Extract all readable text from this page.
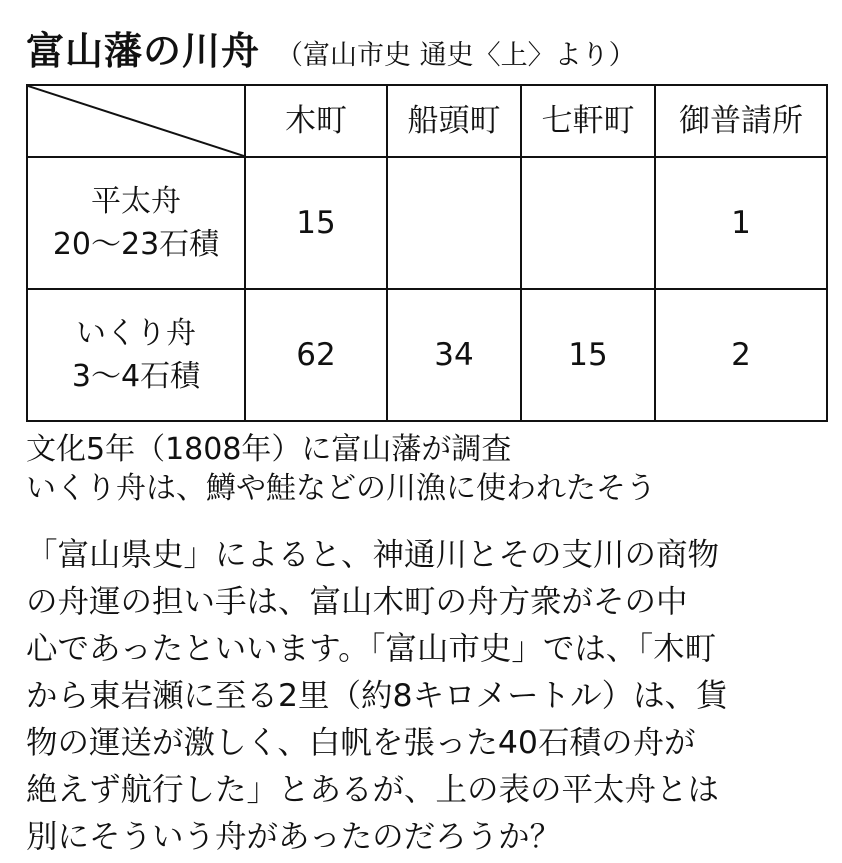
富山藩の川舟 （富山市史 通史〈上〉より）
	木町	船頭町	七軒町	御普請所

平太舟
20～23石積	15			1

いくり舟
3～4石積	62	34	15	2
文化5年（1808年）に富山藩が調査
いくり舟は、鱒や鮭などの川漁に使われたそう
「富山県史」によると、神通川とその支川の商物
の舟運の担い手は、富山木町の舟方衆がその中
心であったといいます。「富山市史」では、「木町
から東岩瀬に至る2里（約8キロメートル）は、貨
物の運送が激しく、白帆を張った40石積の舟が
絶えず航行した」とあるが、上の表の平太舟とは
別にそういう舟があったのだろうか？
